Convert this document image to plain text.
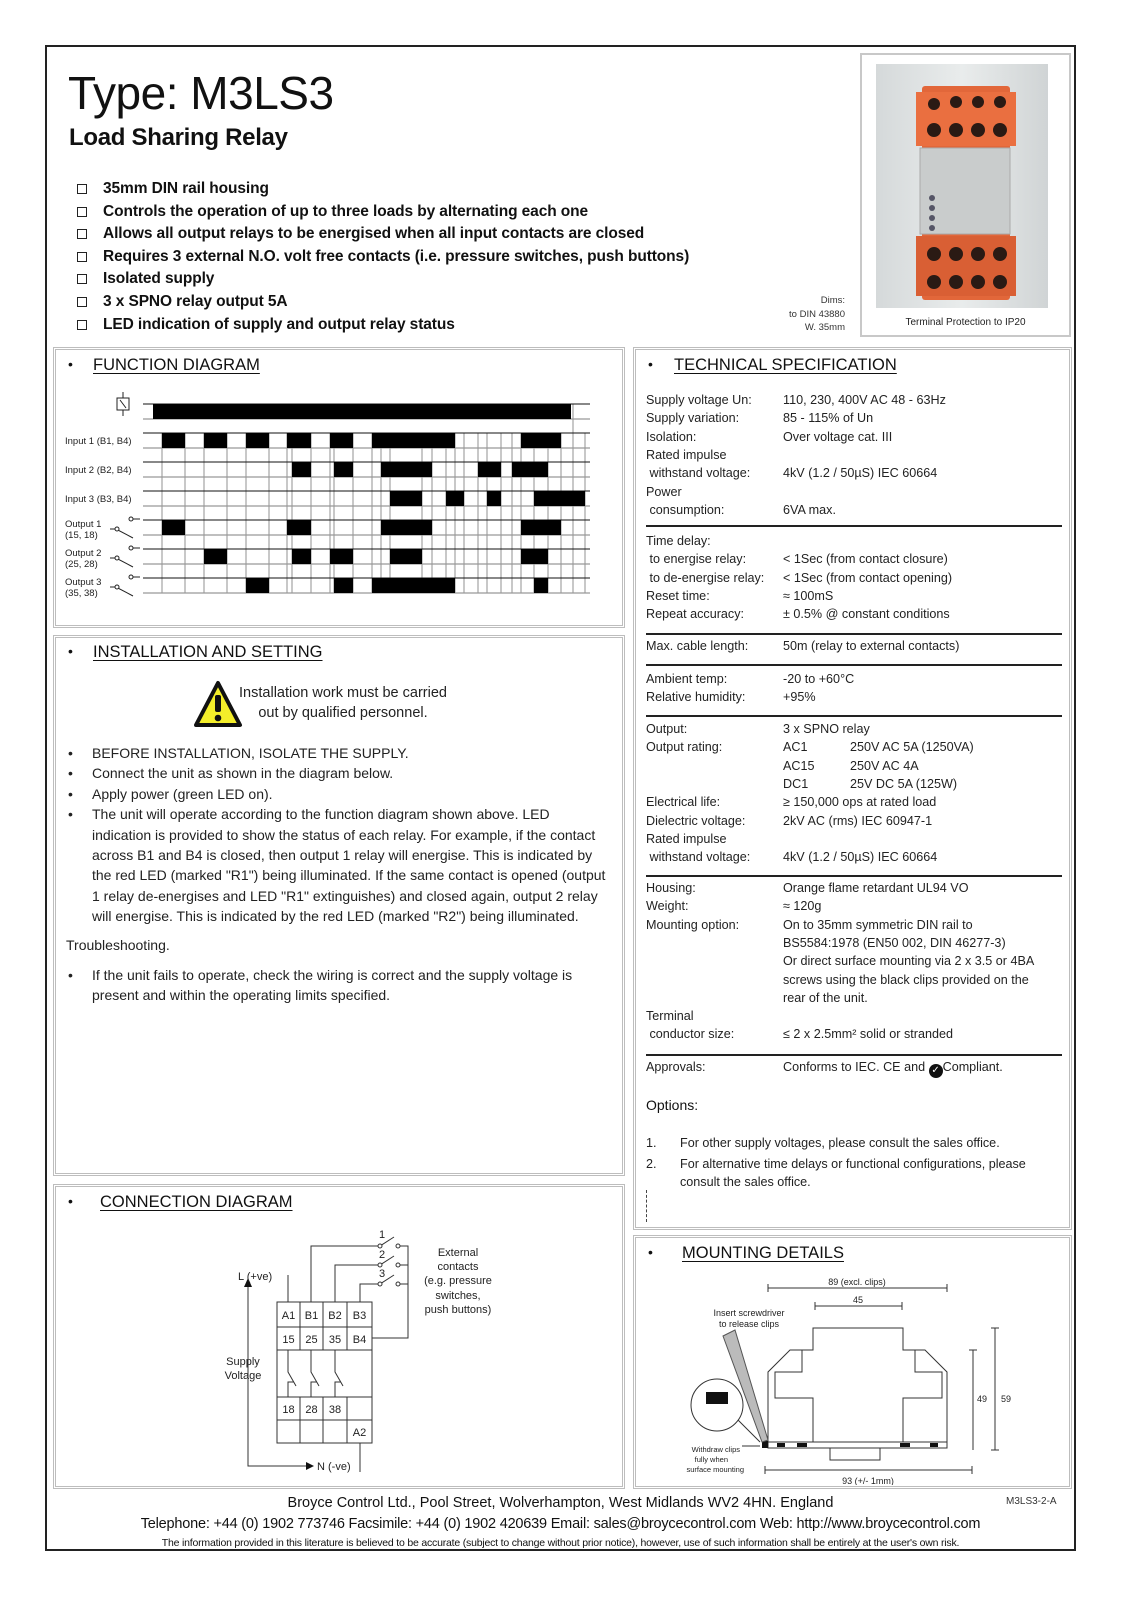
Type: M3LS3
Load Sharing Relay
35mm DIN rail housing
Controls the operation of up to three loads by alternating each one
Allows all output relays to be energised when all input contacts are closed
Requires 3 external N.O. volt free contacts (i.e. pressure switches, push buttons)
Isolated supply
3 x SPNO relay output 5A
LED indication of supply and output relay status
Dims:
to DIN 43880
W. 35mm	Terminal Protection to IP20
• FUNCTION DIAGRAM
Input 1 (B1, B4)
Input 2 (B2, B4)
Input 3 (B3, B4)
Output 1
(15, 18)
Output 2
(25, 28)
Output 3
(35, 38)
• INSTALLATION AND SETTING
Installation work must be carried
out by qualified personnel.
• BEFORE INSTALLATION, ISOLATE THE SUPPLY.
• Connect the unit as shown in the diagram below.
• Apply power (green LED on).
• The unit will operate according to the function diagram shown above. LED indication is provided to show the status of each relay. For example, if the contact across B1 and B4 is closed, then output 1 relay will energise. This is indicated by the red LED (marked "R1") being illuminated. If the same contact is opened (output 1 relay de-energises and LED "R1" extinguishes) and closed again, output 2 relay will energise. This is indicated by the red LED (marked "R2") being illuminated.
Troubleshooting.
• If the unit fails to operate, check the wiring is correct and the supply voltage is present and within the operating limits specified.
• CONNECTION DIAGRAM
L (+ve)
N (-ve)
Supply
Voltage
A1 B1 B2 B3
15 25 35 B4
18 28 38
A2
1
2
3
External
contacts
(e.g. pressure
switches,
push buttons)
• TECHNICAL SPECIFICATION
Supply voltage Un: 110, 230, 400V AC 48 - 63Hz
Supply variation:	85 - 115% of Un
Isolation:	Over voltage cat. III
Rated impulse
withstand voltage:	4kV (1.2 / 50µS) IEC 60664
Power
consumption:	6VA max.
Time delay:
to energise relay:	< 1Sec (from contact closure)
to de-energise relay: < 1Sec (from contact opening)
Reset time:	≈ 100mS
Repeat accuracy:	± 0.5% @ constant conditions
Max. cable length:	50m (relay to external contacts)
Ambient temp:	-20 to +60°C
Relative humidity:	+95%
Output:	3 x SPNO relay
Output rating:	AC1	250V AC 5A (1250VA)
AC15	250V AC 4A
DC1	25V DC 5A (125W)
Electrical life:	≥ 150,000 ops at rated load
Dielectric voltage:	2kV AC (rms) IEC 60947-1
Rated impulse
withstand voltage:	4kV (1.2 / 50µS) IEC 60664
Housing:	Orange flame retardant UL94 VO
Weight:	≈ 120g
Mounting option:	On to 35mm symmetric DIN rail to
BS5584:1978 (EN50 002, DIN 46277-3)
Or direct surface mounting via 2 x 3.5 or 4BA
screws using the black clips provided on the
rear of the unit.
Terminal
conductor size:	≤ 2 x 2.5mm² solid or stranded
Approvals:	Conforms to IEC. CE and ✓ Compliant.
Options:
1. For other supply voltages, please consult the sales office.
2. For alternative time delays or functional configurations, please
consult the sales office.
• MOUNTING DETAILS
89 (excl. clips)
45
49 59
93 (+/- 1mm)
Insert screwdriver
to release clips
Withdraw clips
fully when
surface mounting
Broyce Control Ltd., Pool Street, Wolverhampton, West Midlands WV2 4HN. England
Telephone: +44 (0) 1902 773746 Facsimile: +44 (0) 1902 420639 Email: sales@broycecontrol.com Web: http://www.broycecontrol.com
The information provided in this literature is believed to be accurate (subject to change without prior notice), however, use of such information shall be entirely at the user's own risk.
M3LS3-2-A
